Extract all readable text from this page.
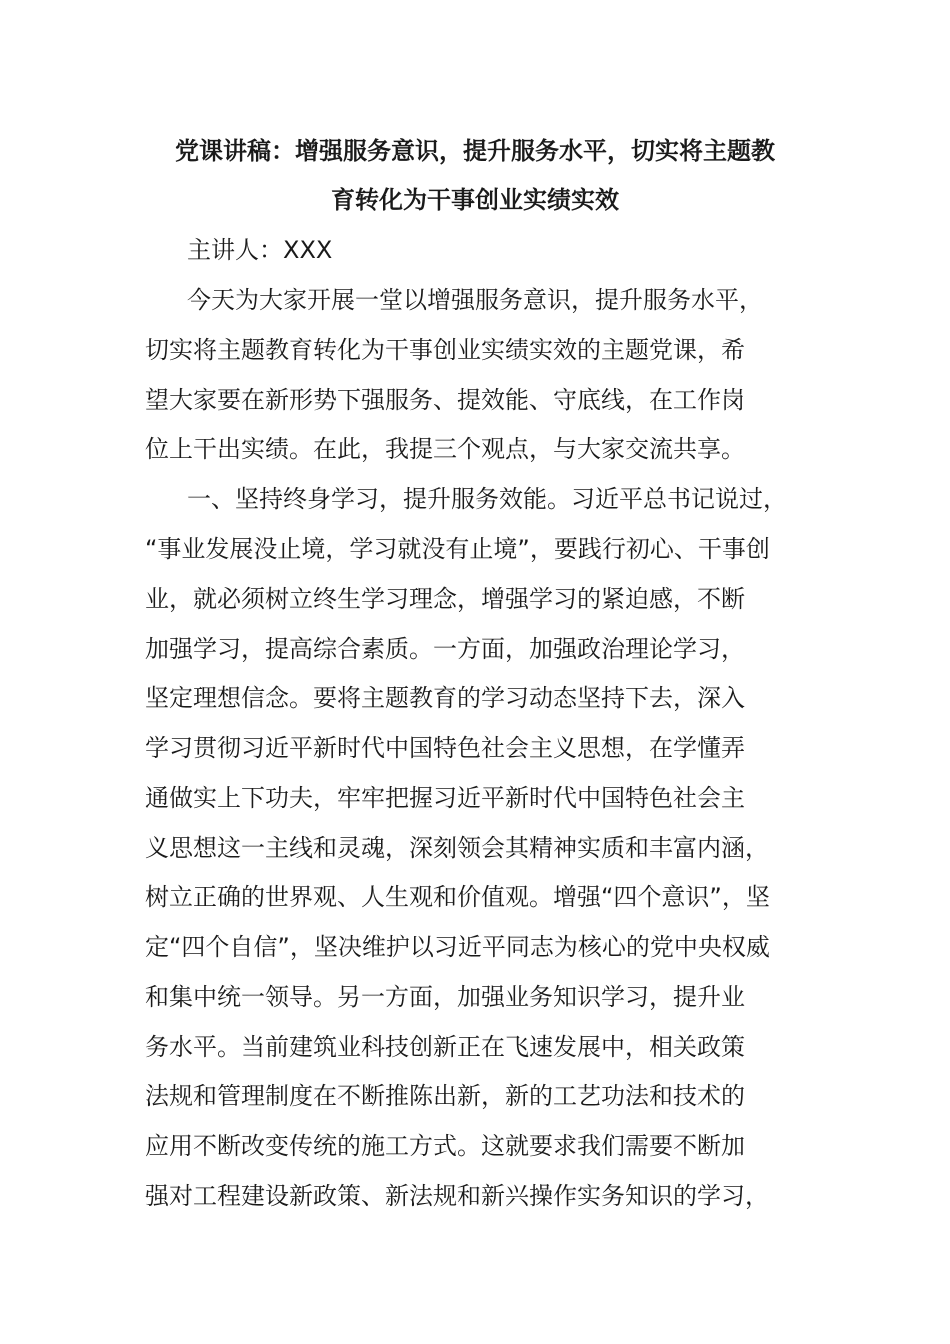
党课讲稿：增强服务意识，提升服务水平，切实将主题教
育转化为干事创业实绩实效
主讲人：XXX
今天为大家开展一堂以增强服务意识，提升服务水平，
切实将主题教育转化为干事创业实绩实效的主题党课，希
望大家要在新形势下强服务、提效能、守底线，在工作岗
位上干出实绩。在此，我提三个观点，与大家交流共享。
一、坚持终身学习，提升服务效能。习近平总书记说过，
“事业发展没止境，学习就没有止境”，要践行初心、干事创
业，就必须树立终生学习理念，增强学习的紧迫感，不断
加强学习，提高综合素质。一方面，加强政治理论学习，
坚定理想信念。要将主题教育的学习动态坚持下去，深入
学习贯彻习近平新时代中国特色社会主义思想，在学懂弄
通做实上下功夫，牢牢把握习近平新时代中国特色社会主
义思想这一主线和灵魂，深刻领会其精神实质和丰富内涵，
树立正确的世界观、人生观和价值观。增强“四个意识”，坚
定“四个自信”，坚决维护以习近平同志为核心的党中央权威
和集中统一领导。另一方面，加强业务知识学习，提升业
务水平。当前建筑业科技创新正在飞速发展中，相关政策
法规和管理制度在不断推陈出新，新的工艺功法和技术的
应用不断改变传统的施工方式。这就要求我们需要不断加
强对工程建设新政策、新法规和新兴操作实务知识的学习，
